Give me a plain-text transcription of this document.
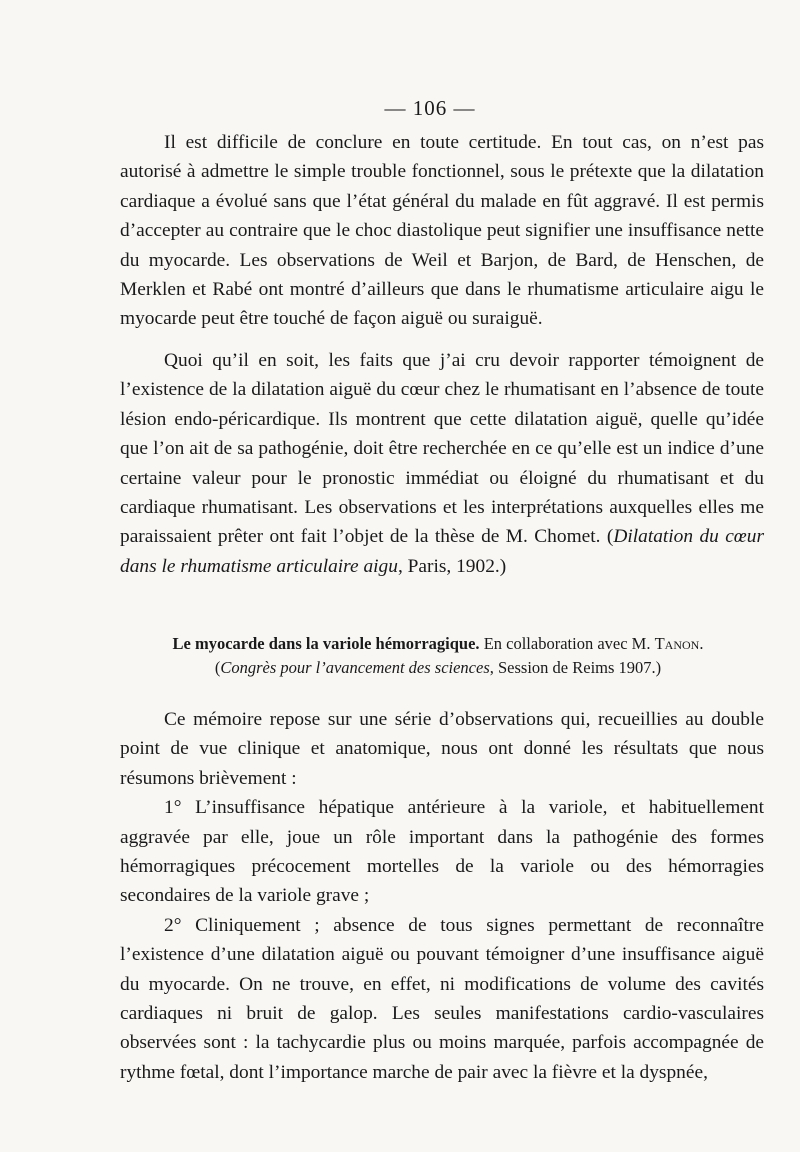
— 106 —

Il est difficile de conclure en toute certitude. En tout cas, on n’est pas autorisé à admettre le simple trouble fonctionnel, sous le prétexte que la dilatation cardiaque a évolué sans que l’état général du malade en fût aggravé. Il est permis d’accepter au contraire que le choc diastolique peut signifier une insuffisance nette du myocarde. Les observations de Weil et Barjon, de Bard, de Henschen, de Merklen et Rabé ont montré d’ailleurs que dans le rhumatisme articulaire aigu le myocarde peut être touché de façon aiguë ou suraiguë.

Quoi qu’il en soit, les faits que j’ai cru devoir rapporter témoignent de l’existence de la dilatation aiguë du cœur chez le rhumatisant en l’absence de toute lésion endo-péricardique. Ils montrent que cette dilatation aiguë, quelle qu’idée que l’on ait de sa pathogénie, doit être recherchée en ce qu’elle est un indice d’une certaine valeur pour le pronostic immédiat ou éloigné du rhumatisant et du cardiaque rhumatisant. Les observations et les interprétations auxquelles elles me paraissaient prêter ont fait l’objet de la thèse de M. Chomet. (Dilatation du cœur dans le rhumatisme articulaire aigu, Paris, 1902.)

Le myocarde dans la variole hémorragique. En collaboration avec M. Tanon.
(Congrès pour l’avancement des sciences, Session de Reims 1907.)

Ce mémoire repose sur une série d’observations qui, recueillies au double point de vue clinique et anatomique, nous ont donné les résultats que nous résumons brièvement :

1° L’insuffisance hépatique antérieure à la variole, et habituellement aggravée par elle, joue un rôle important dans la pathogénie des formes hémorragiques précocement mortelles de la variole ou des hémorragies secondaires de la variole grave ;

2° Cliniquement ; absence de tous signes permettant de reconnaître l’existence d’une dilatation aiguë ou pouvant témoigner d’une insuffisance aiguë du myocarde. On ne trouve, en effet, ni modifications de volume des cavités cardiaques ni bruit de galop. Les seules manifestations cardio-vasculaires observées sont : la tachycardie plus ou moins marquée, parfois accompagnée de rythme fœtal, dont l’importance marche de pair avec la fièvre et la dyspnée,
